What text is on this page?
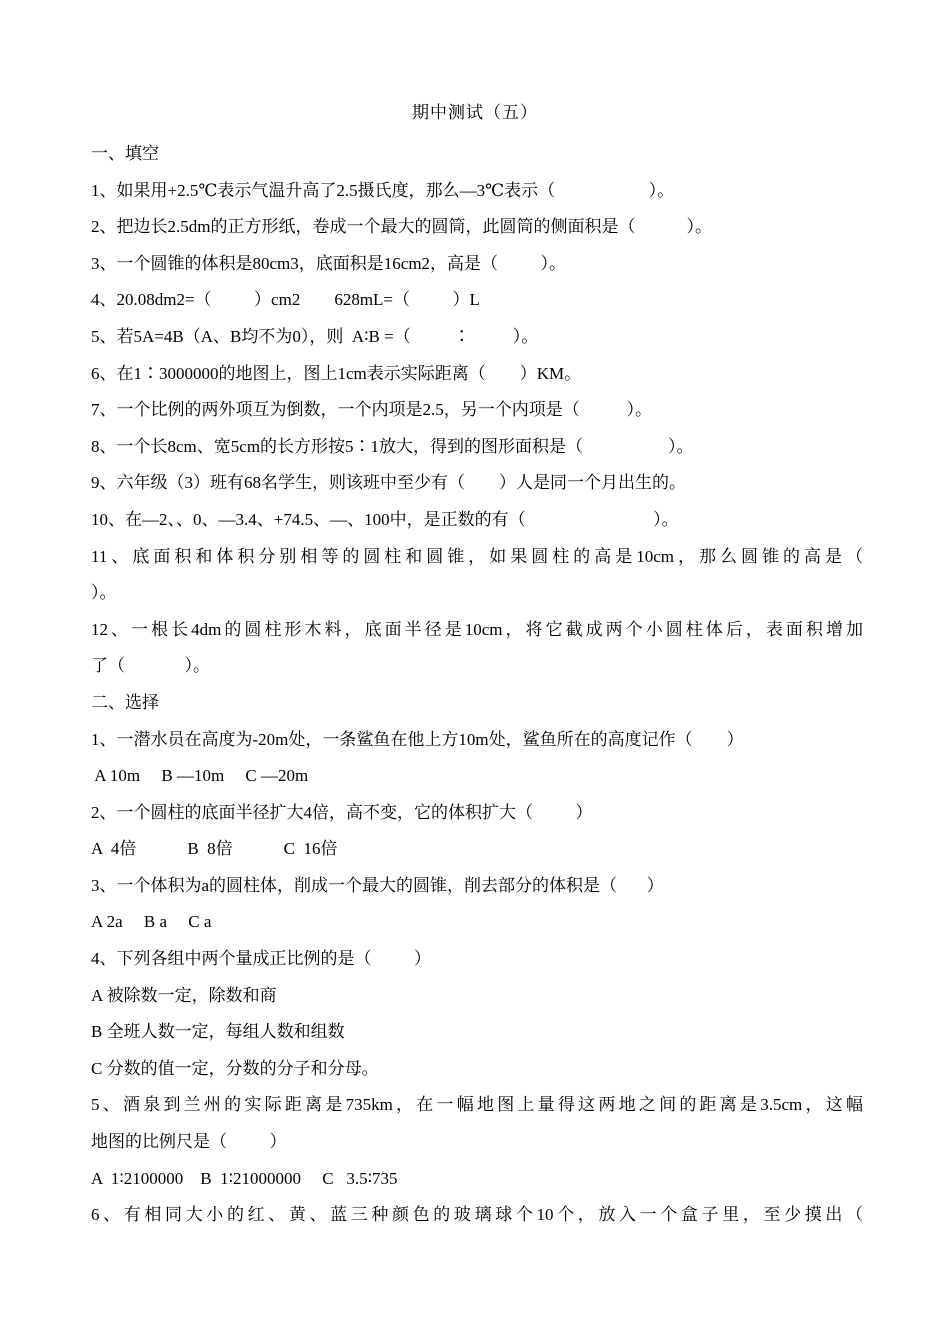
期中测试（五）
一、填空
1、如果用+2.5℃表示气温升高了2.5摄氏度，那么—3℃表示（                      ）。
2、把边长2.5dm的正方形纸，卷成一个最大的圆筒，此圆筒的侧面积是（            ）。
3、一个圆锥的体积是80cm3，底面积是16cm2，高是（          ）。
4、20.08dm2=（          ）cm2        628mL=（          ）L
5、若5A=4B（A、B均不为0），则  A∶B =（          ∶          ）。
6、在1∶3000000的地图上，图上1cm表示实际距离（        ）KM。
7、一个比例的两外项互为倒数，一个内项是2.5，另一个内项是（           ）。
8、一个长8cm、宽5cm的长方形按5∶1放大，得到的图形面积是（                    ）。
9、六年级（3）班有68名学生，则该班中至少有（        ）人是同一个月出生的。
10、在—2、、0、—3.4、+74.5、—、100中，是正数的有（                              ）。
11、底面积和体积分别相等的圆柱和圆锥，如果圆柱的高是10cm，那么圆锥的高是（
）。
12、一根长4dm的圆柱形木料，底面半径是10cm，将它截成两个小圆柱体后，表面积增加
了（              ）。
二、选择
1、一潜水员在高度为-20m处，一条鲨鱼在他上方10m处，鲨鱼所在的高度记作（        ）
A 10m     B —10m     C —20m
2、一个圆柱的底面半径扩大4倍，高不变，它的体积扩大（          ）
A  4倍            B  8倍            C  16倍
3、一个体积为a的圆柱体，削成一个最大的圆锥，削去部分的体积是（       ）
A 2a     B a     C a
4、下列各组中两个量成正比例的是（          ）
A 被除数一定，除数和商
B 全班人数一定，每组人数和组数
C 分数的值一定，分数的分子和分母。
5、酒泉到兰州的实际距离是735km，在一幅地图上量得这两地之间的距离是3.5cm，这幅
地图的比例尺是（          ）
A  1∶2100000    B  1∶21000000     C   3.5∶735
6、有相同大小的红、黄、蓝三种颜色的玻璃球个10个，放入一个盒子里，至少摸出（
